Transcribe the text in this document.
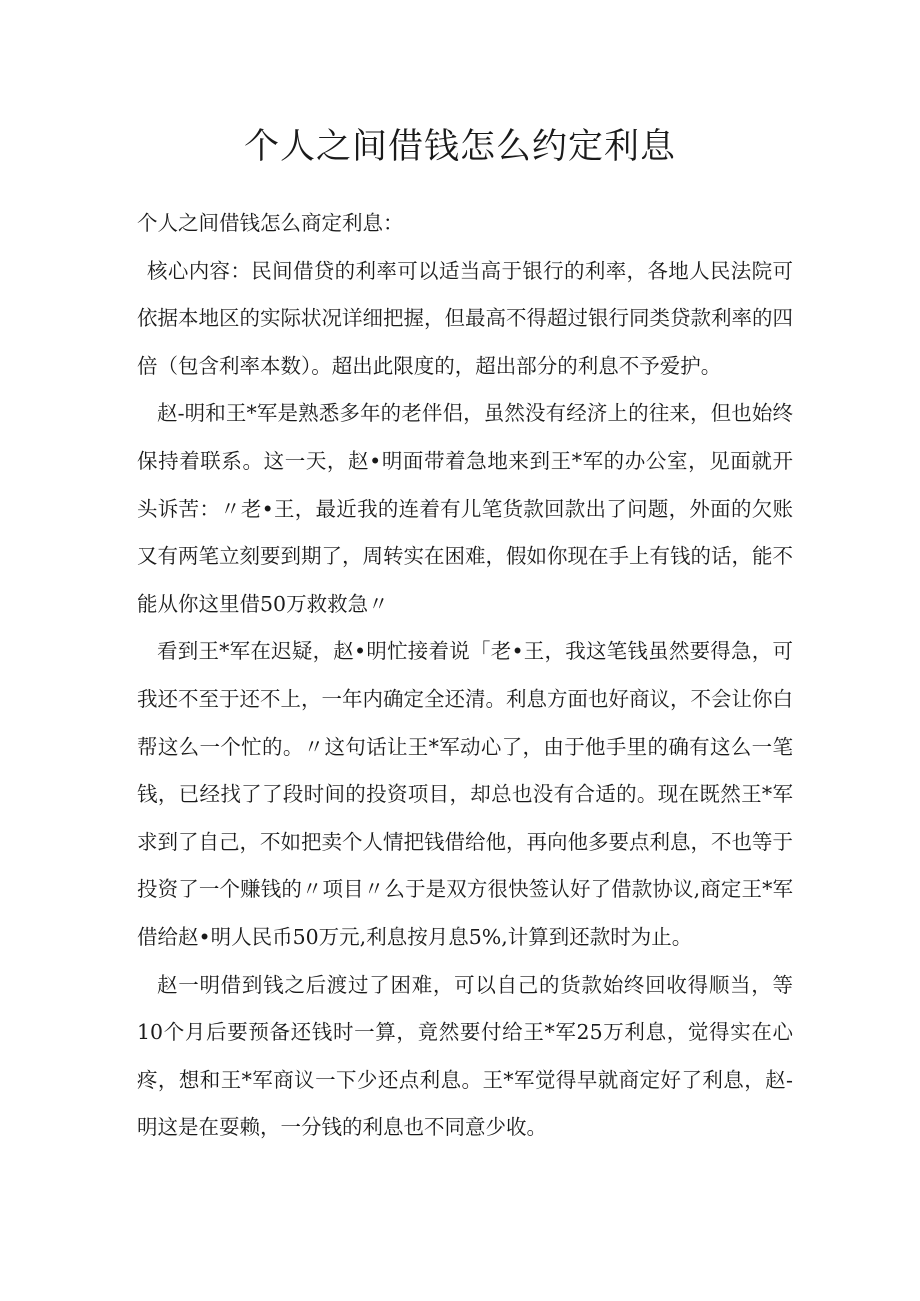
个人之间借钱怎么约定利息

个人之间借钱怎么商定利息：

核心内容：民间借贷的利率可以适当高于银行的利率，各地人民法院可依据本地区的实际状况详细把握，但最高不得超过银行同类贷款利率的四倍（包含利率本数）。超出此限度的，超出部分的利息不予爱护。

赵-明和王*军是熟悉多年的老伴侣，虽然没有经济上的往来，但也始终保持着联系。这一天，赵•明面带着急地来到王*军的办公室，见面就开头诉苦：〃老•王，最近我的连着有儿笔货款回款出了问题，外面的欠账又有两笔立刻要到期了，周转实在困难，假如你现在手上有钱的话，能不能从你这里借50万救救急〃

看到王*军在迟疑，赵•明忙接着说「老•王，我这笔钱虽然要得急，可我还不至于还不上，一年内确定全还清。利息方面也好商议，不会让你白帮这么一个忙的。〃这句话让王*军动心了，由于他手里的确有这么一笔钱，已经找了了段时间的投资项目，却总也没有合适的。现在既然王*军求到了自己，不如把卖个人情把钱借给他，再向他多要点利息，不也等于投资了一个赚钱的〃项目〃么于是双方很快签认好了借款协议,商定王*军借给赵•明人民币50万元,利息按月息5%,计算到还款时为止。

赵一明借到钱之后渡过了困难，可以自己的货款始终回收得顺当，等10个月后要预备还钱时一算，竟然要付给王*军25万利息，觉得实在心疼，想和王*军商议一下少还点利息。王*军觉得早就商定好了利息，赵-明这是在耍赖，一分钱的利息也不同意少收。
